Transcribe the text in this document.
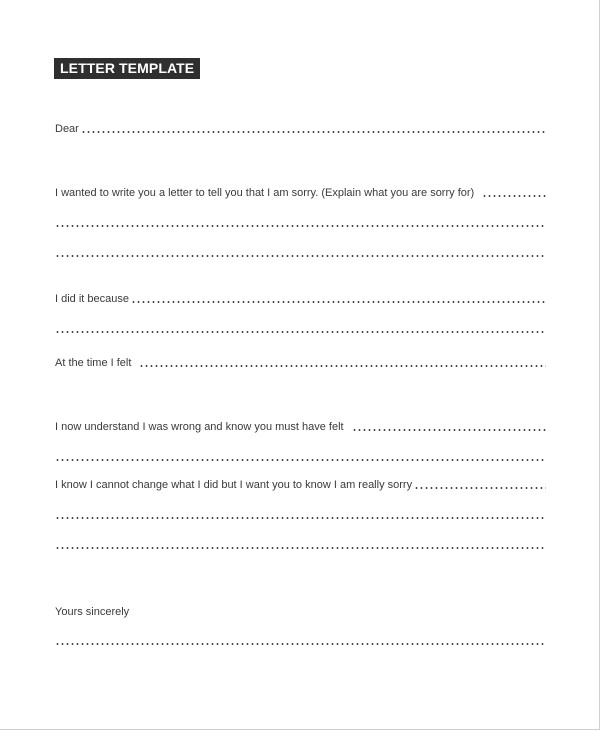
LETTER TEMPLATE
Dear
I wanted to write you a letter to tell you that I am sorry. (Explain what you are sorry for)
I did it because
At the time I felt
I now understand I was wrong and know you must have felt
I know I cannot change what I did but I want you to know I am really sorry
Yours sincerely
